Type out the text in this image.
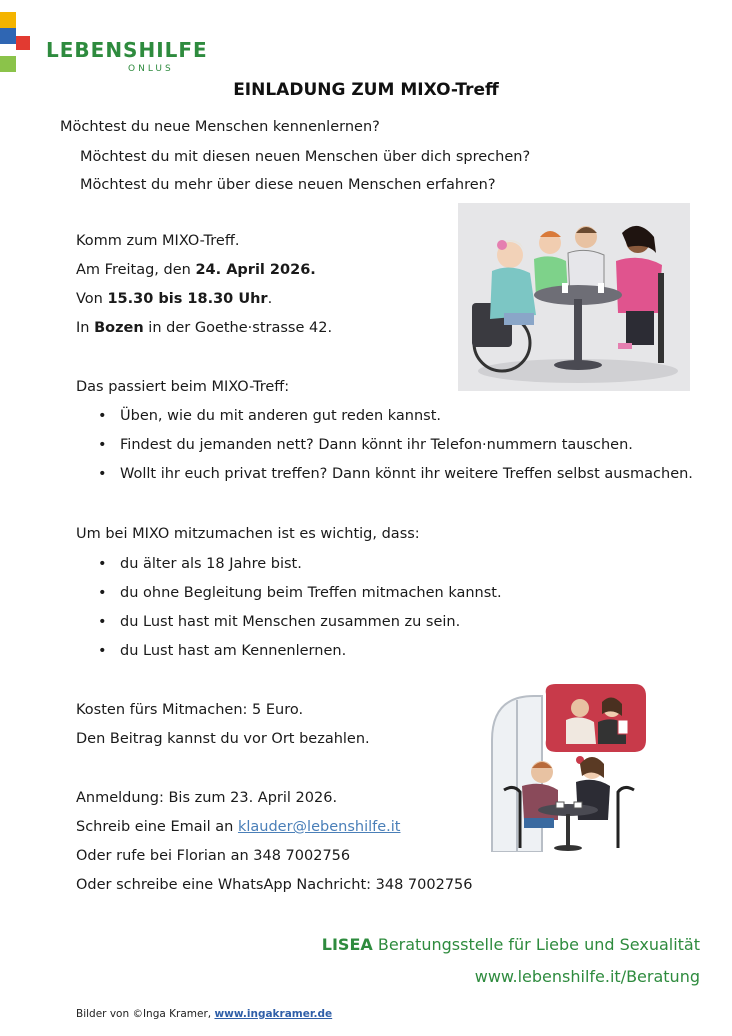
LEBENSHILFE
ONLUS
EINLADUNG ZUM MIXO-Treff
Möchtest du neue Menschen kennenlernen?
Möchtest du mit diesen neuen Menschen über dich sprechen?
Möchtest du mehr über diese neuen Menschen erfahren?
Komm zum MIXO-Treff.
Am Freitag, den 24. April 2026.
Von 15.30 bis 18.30 Uhr.
In Bozen in der Goethe·strasse 42.
Das passiert beim MIXO-Treff:
• Üben, wie du mit anderen gut reden kannst.
• Findest du jemanden nett? Dann könnt ihr Telefon·nummern tauschen.
• Wollt ihr euch privat treffen? Dann könnt ihr weitere Treffen selbst ausmachen.
Um bei MIXO mitzumachen ist es wichtig, dass:
• du älter als 18 Jahre bist.
• du ohne Begleitung beim Treffen mitmachen kannst.
• du Lust hast mit Menschen zusammen zu sein.
• du Lust hast am Kennenlernen.
Kosten fürs Mitmachen: 5 Euro.
Den Beitrag kannst du vor Ort bezahlen.
Anmeldung: Bis zum 23. April 2026.
Schreib eine Email an klauder@lebenshilfe.it
Oder rufe bei Florian an 348 7002756
Oder schreibe eine WhatsApp Nachricht: 348 7002756
LISEA Beratungsstelle für Liebe und Sexualität
www.lebenshilfe.it/Beratung
Bilder von ©Inga Kramer, www.ingakramer.de
